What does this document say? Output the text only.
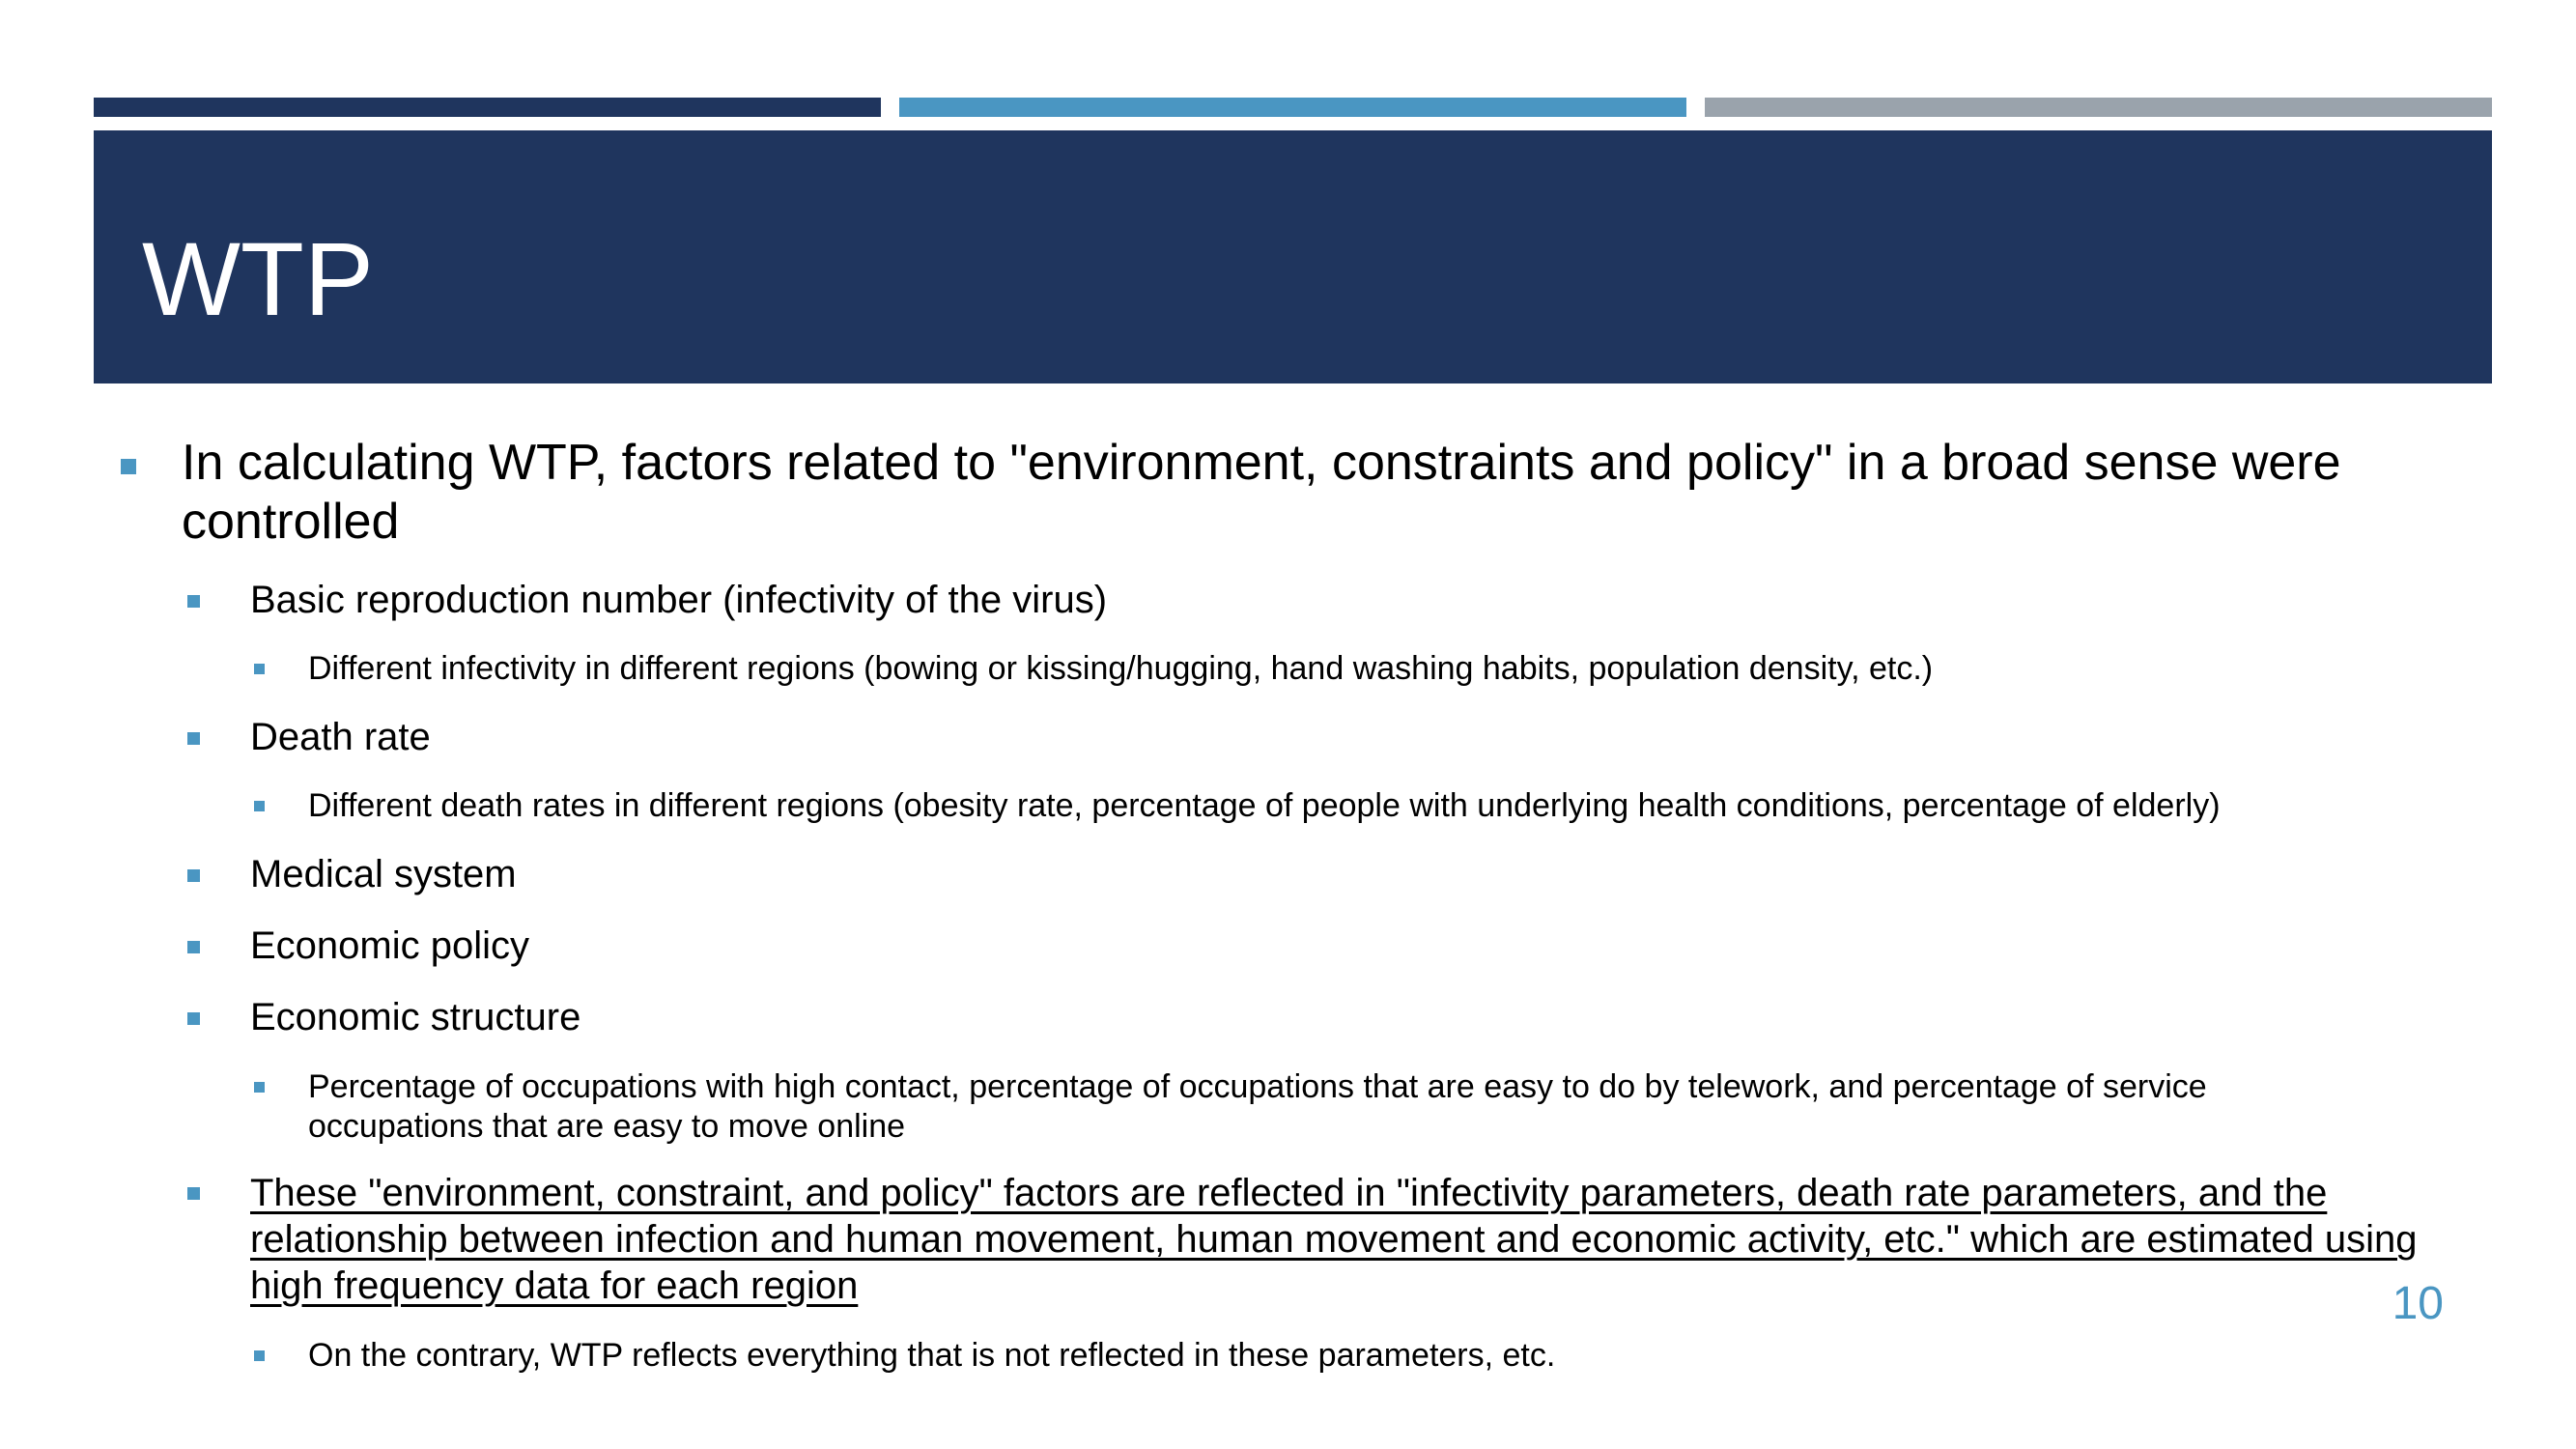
WTP
In calculating WTP, factors related to "environment, constraints and policy" in a broad sense were controlled
Basic reproduction number (infectivity of the virus)
Different infectivity in different regions (bowing or kissing/hugging, hand washing habits, population density, etc.)
Death rate
Different death rates in different regions (obesity rate, percentage of people with underlying health conditions, percentage of elderly)
Medical system
Economic policy
Economic structure
Percentage of occupations with high contact, percentage of occupations that are easy to do by telework, and percentage of service occupations that are easy to move online
These "environment, constraint, and policy" factors are reflected in "infectivity parameters, death rate parameters, and the relationship between infection and human movement, human movement and economic activity, etc." which are estimated using high frequency data for each region
On the contrary, WTP reflects everything that is not reflected in these parameters, etc.
10
